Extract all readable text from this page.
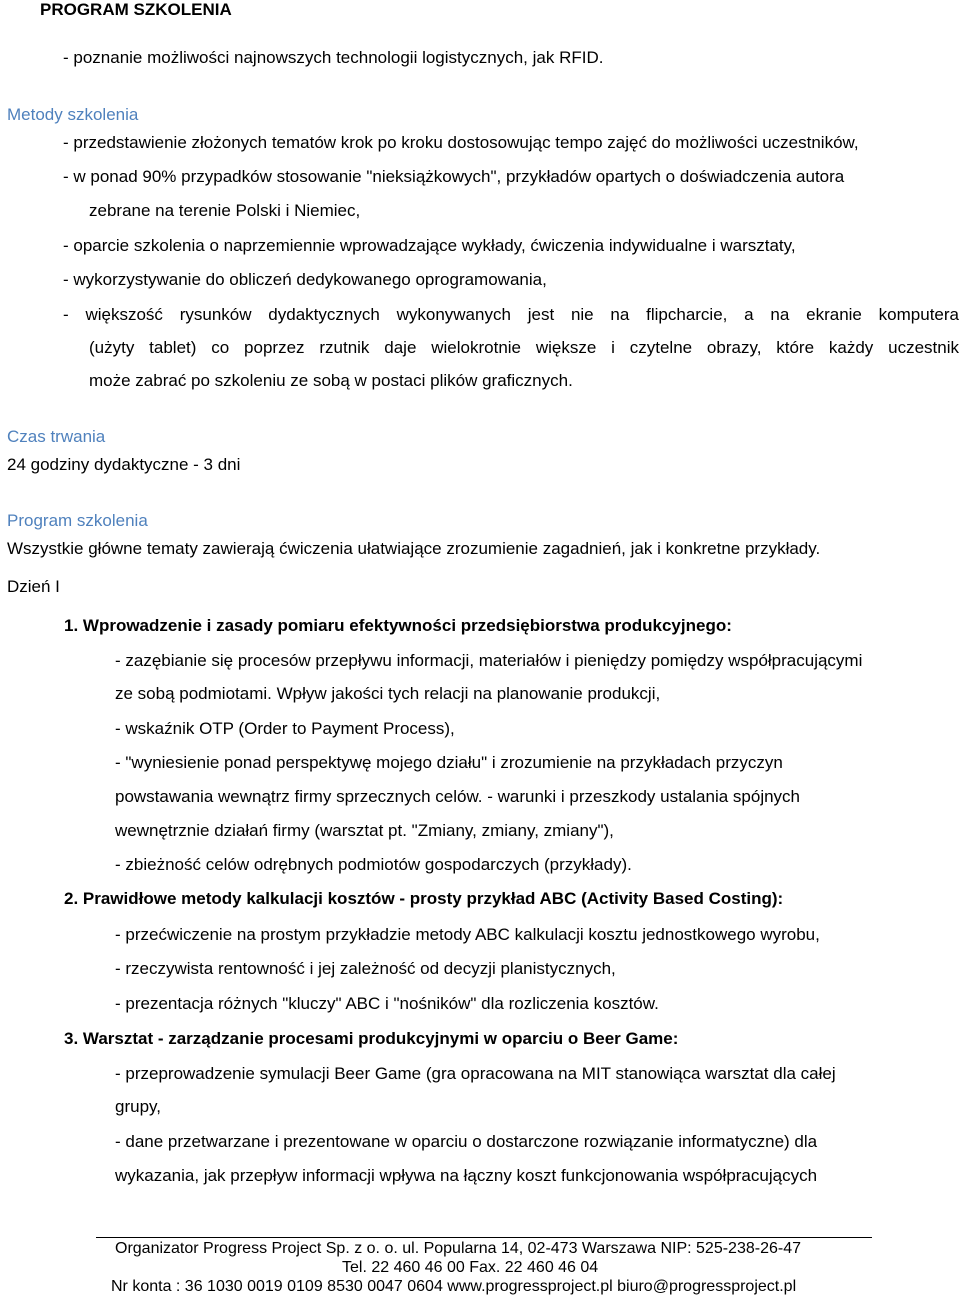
PROGRAM SZKOLENIA
- poznanie możliwości najnowszych technologii logistycznych, jak RFID.
Metody szkolenia
- przedstawienie złożonych tematów krok po kroku dostosowując tempo zajęć do możliwości uczestników,
- w ponad 90% przypadków stosowanie "nieksiążkowych", przykładów opartych o doświadczenia autora
zebrane na terenie Polski i Niemiec,
- oparcie szkolenia o naprzemiennie wprowadzające wykłady, ćwiczenia indywidualne i warsztaty,
- wykorzystywanie do obliczeń dedykowanego oprogramowania,
- większość rysunków dydaktycznych wykonywanych jest nie na flipcharcie, a na ekranie komputera
(użyty tablet) co poprzez rzutnik daje wielokrotnie większe i czytelne obrazy, które każdy uczestnik
może zabrać po szkoleniu ze sobą w postaci plików graficznych.
Czas trwania
24 godziny dydaktyczne - 3 dni
Program szkolenia
Wszystkie główne tematy zawierają ćwiczenia ułatwiające zrozumienie zagadnień, jak i konkretne przykłady.
Dzień I
1. Wprowadzenie i zasady pomiaru efektywności przedsiębiorstwa produkcyjnego:
- zazębianie się procesów przepływu informacji, materiałów i pieniędzy pomiędzy współpracującymi
ze sobą podmiotami. Wpływ jakości tych relacji na planowanie produkcji,
- wskaźnik OTP (Order to Payment Process),
- "wyniesienie ponad perspektywę mojego działu" i zrozumienie na przykładach przyczyn
powstawania wewnątrz firmy sprzecznych celów. - warunki i przeszkody ustalania spójnych
wewnętrznie działań firmy (warsztat pt. "Zmiany, zmiany, zmiany"),
- zbieżność celów odrębnych podmiotów gospodarczych (przykłady).
2. Prawidłowe metody kalkulacji kosztów - prosty przykład ABC (Activity Based Costing):
- przećwiczenie na prostym przykładzie metody ABC kalkulacji kosztu jednostkowego wyrobu,
- rzeczywista rentowność i jej zależność od decyzji planistycznych,
- prezentacja różnych "kluczy" ABC i "nośników" dla rozliczenia kosztów.
3. Warsztat - zarządzanie procesami produkcyjnymi w oparciu o Beer Game:
- przeprowadzenie symulacji Beer Game (gra opracowana na MIT stanowiąca warsztat dla całej
grupy,
- dane przetwarzane i prezentowane w oparciu o dostarczone rozwiązanie informatyczne) dla
wykazania, jak przepływ informacji wpływa na łączny koszt funkcjonowania współpracujących
Organizator Progress Project Sp. z o. o. ul. Popularna 14, 02-473 Warszawa NIP: 525-238-26-47
Tel. 22 460 46 00 Fax. 22 460 46 04
Nr konta : 36 1030 0019 0109 8530 0047 0604 www.progressproject.pl biuro@progressproject.pl
